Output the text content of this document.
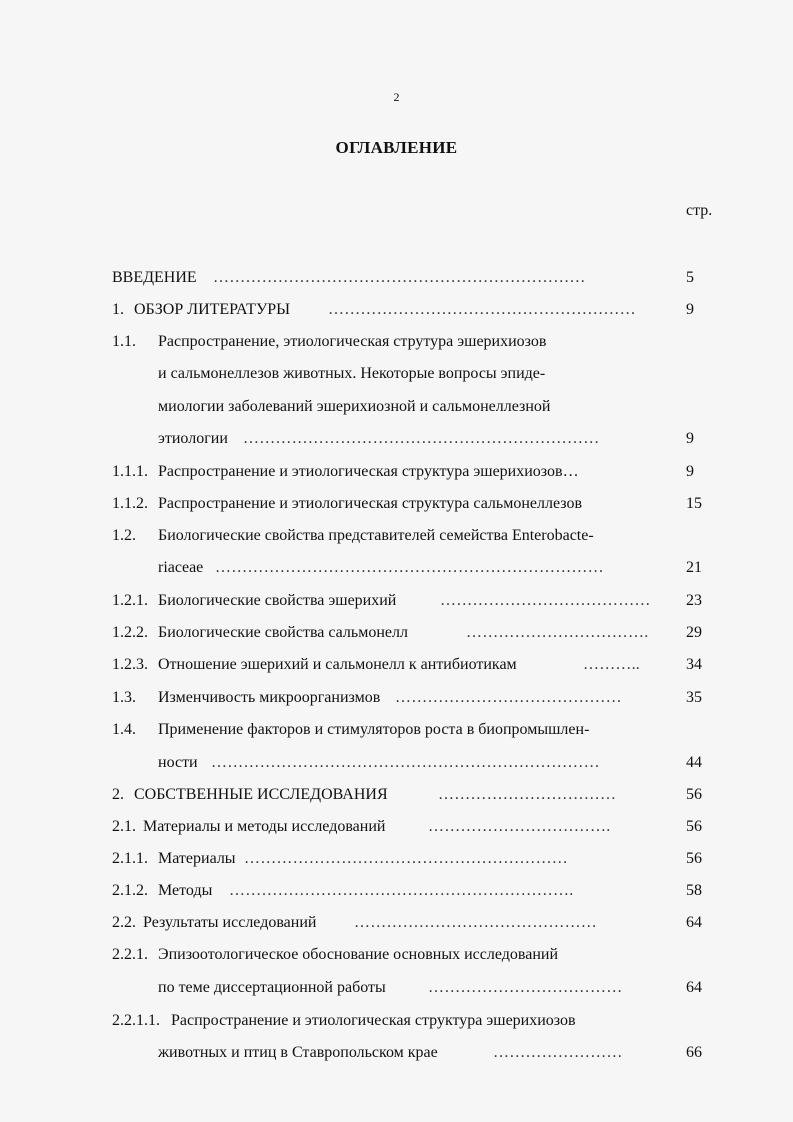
2
ОГЛАВЛЕНИЕ
стр.
ВВЕДЕНИЕ ……………………………………………………………	5
1. ОБЗОР ЛИТЕРАТУРЫ …………………………………………………	9
1.1. Распространение, этиологическая струтура эшерихиозов
и сальмонеллезов животных. Некоторые вопросы эпиде-
миологии заболеваний эшерихиозной и сальмонеллезной
этиологии …………………………………………………………	9
1.1.1. Распространение и этиологическая структура эшерихиозов…	9
1.1.2. Распространение и этиологическая структура сальмонеллезов	15
1.2. Биологические свойства представителей семейства Enterobacte-
riaceae ………………………………………………………………	21
1.2.1. Биологические свойства эшерихий	………………………………… 23
1.2.2. Биологические свойства сальмонелл	……………………………. 29
1.2.3. Отношение эшерихий и сальмонелл к антибиотикам	………..	34
1.3. Изменчивость микроорганизмов ……………………………………	35
1.4. Применение факторов и стимуляторов роста в биопромышлен-
ности ………………………………………………………………	44
2. СОБСТВЕННЫЕ ИССЛЕДОВАНИЯ	……………………………	56
2.1. Материалы и методы исследований	…………………………….	56
2.1.1. Материалы ……………………………………………………	56
2.1.2. Методы ……………………………………………………….	58
2.2. Результаты исследований ………………………………………	64
2.2.1. Эпизоотологическое обоснование основных исследований
по теме диссертационной работы	………………………………	64
2.2.1.1. Распространение и этиологическая структура эшерихиозов
животных и птиц в Ставропольском крае	……………………	66
